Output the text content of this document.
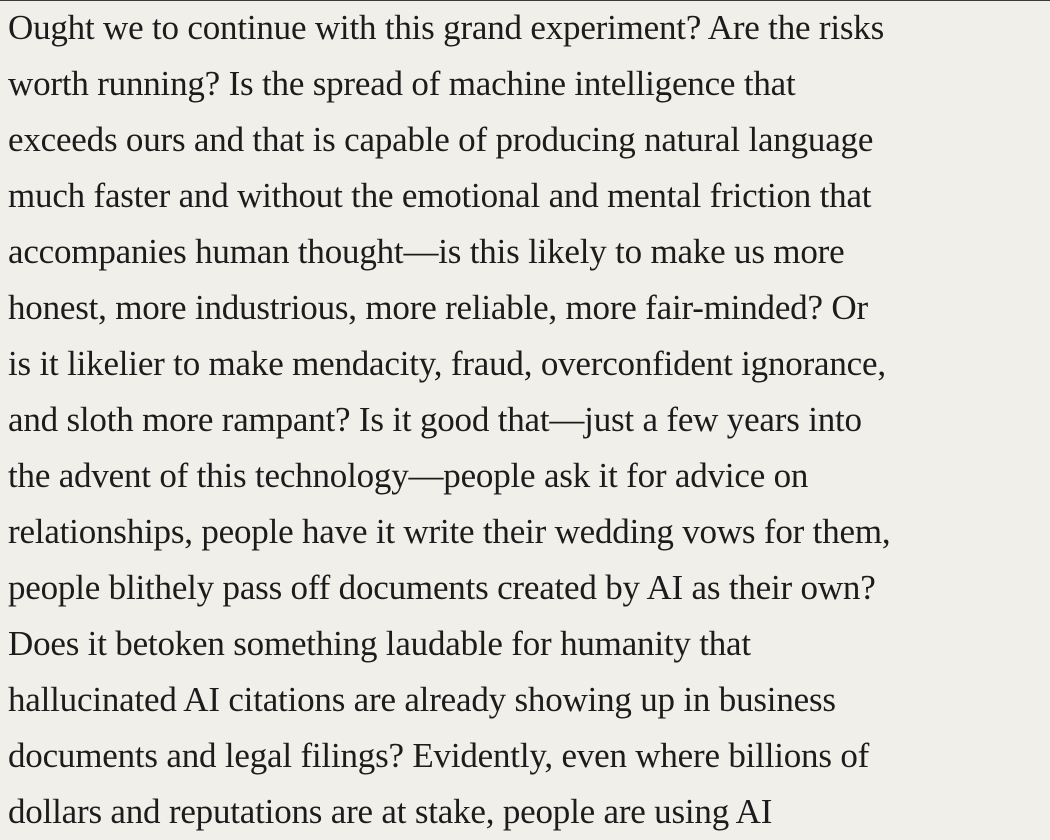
Ought we to continue with this grand experiment? Are the risks
worth running? Is the spread of machine intelligence that
exceeds ours and that is capable of producing natural language
much faster and without the emotional and mental friction that
accompanies human thought—is this likely to make us more
honest, more industrious, more reliable, more fair-minded? Or
is it likelier to make mendacity, fraud, overconfident ignorance,
and sloth more rampant? Is it good that—just a few years into
the advent of this technology—people ask it for advice on
relationships, people have it write their wedding vows for them,
people blithely pass off documents created by AI as their own?
Does it betoken something laudable for humanity that
hallucinated AI citations are already showing up in business
documents and legal filings? Evidently, even where billions of
dollars and reputations are at stake, people are using AI
